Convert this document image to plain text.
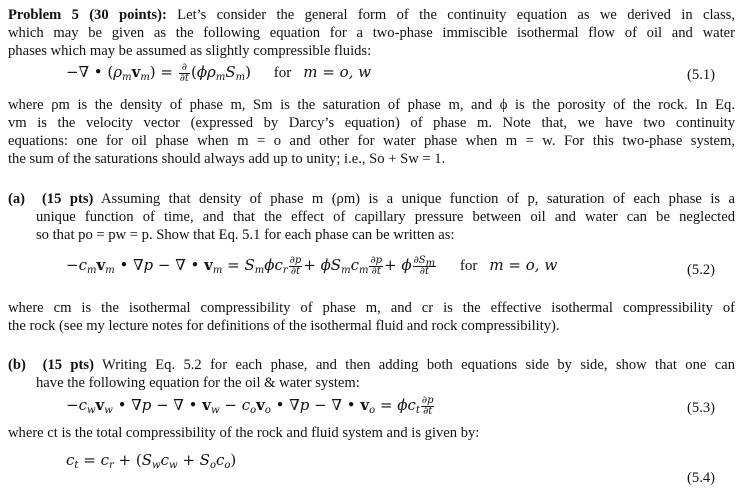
Problem 5 (30 points): Let’s consider the general form of the continuity equation as we derived in class,
which may be given as the following equation for a two-phase immiscible isothermal flow of oil and water
phases which may be assumed as slightly compressible fluids:
−∇ • $(\rho_mv_m) = \frac{\partial}{\partial t} (\phi\rho_mS_m)$ for m = o, w	(5.1)
where ρm is the density of phase m, Sm is the saturation of phase m, and ϕ is the porosity of the rock. In Eq.
vm is the velocity vector (expressed by Darcy’s equation) of phase m. Note that, we have two continuity
equations: one for oil phase when m = o and other for water phase when m = w. For this two-phase system,
the sum of the saturations should always add up to unity; i.e., So + Sw = 1.
(a) (15 pts) Assuming that density of phase m (ρm) is a unique function of p, saturation of each phase is a
unique function of time, and that the effect of capillary pressure between oil and water can be neglected
so that po = pw = p. Show that Eq. 5.1 for each phase can be written as:
$-c_mv_m$ • ∇p − ∇ • $v_m = S_m\phi c_r \frac{\partial p}{\partial t} + \phi S_mc_m \frac{\partial p}{\partial t} + \phi \frac{\partial S_m}{\partial t}$ for m = o, w	(5.2)
where cm is the isothermal compressibility of phase m, and cr is the effective isothermal compressibility of
the rock (see my lecture notes for definitions of the isothermal fluid and rock compressibility).
(b) (15 pts) Writing Eq. 5.2 for each phase, and then adding both equations side by side, show that one can
have the following equation for the oil & water system:
$-c_wv_w$ • ∇p − ∇ • $v_w - c_ov_o$ • ∇p − ∇ • $v_o = \phi c_t \frac{\partial p}{\partial t}$	(5.3)
where ct is the total compressibility of the rock and fluid system and is given by:
$c_t = c_r + (S_wc_w + S_oc_o)$
(5.4)
